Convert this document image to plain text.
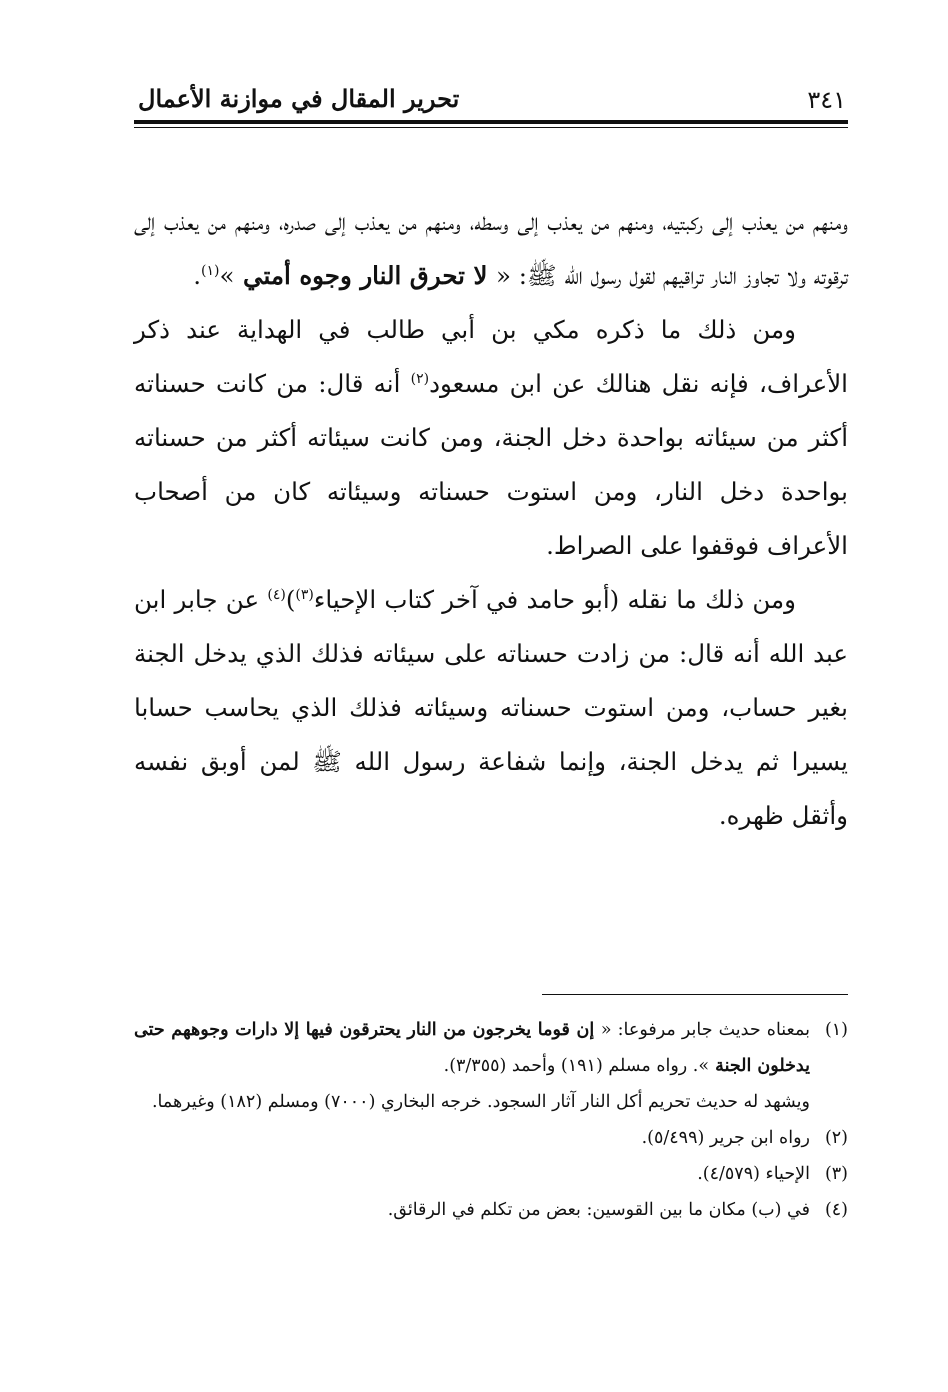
٣٤١
تحرير المقال في موازنة الأعمال

ومنهم من يعذب إلى ركبتيه، ومنهم من يعذب إلى وسطه، ومنهم من يعذب إلى صدره، ومنهم من يعذب إلى ترقوته ولا تجاوز النار تراقيهم لقول رسول الله ﷺ: « لا تحرق النار وجوه أمتي »$^{(١)}$.

ومن ذلك ما ذكره مكي بن أبي طالب في الهداية عند ذكر الأعراف، فإنه نقل هنالك عن ابن مسعود$^{(٢)}$ أنه قال: من كانت حسناته أكثر من سيئاته بواحدة دخل الجنة، ومن كانت سيئاته أكثر من حسناته بواحدة دخل النار، ومن استوت حسناته وسيئاته كان من أصحاب الأعراف فوقفوا على الصراط.

ومن ذلك ما نقله (أبو حامد في آخر كتاب الإحياء$^{(٣)}$)$^{(٤)}$ عن جابر ابن عبد الله أنه قال: من زادت حسناته على سيئاته فذلك الذي يدخل الجنة بغير حساب، ومن استوت حسناته وسيئاته فذلك الذي يحاسب حسابا يسيرا ثم يدخل الجنة، وإنما شفاعة رسول الله ﷺ لمن أوبق نفسه وأثقل ظهره.

(١)
بمعناه حديث جابر مرفوعا: « إن قوما يخرجون من النار يحترقون فيها إلا دارات وجوههم حتى يدخلون الجنة ». رواه مسلم (١٩١) وأحمد (٣/٣٥٥).
ويشهد له حديث تحريم أكل النار آثار السجود. خرجه البخاري (٧٠٠٠) ومسلم (١٨٢) وغيرهما.
(٢)
رواه ابن جرير (٥/٤٩٩).
(٣)
الإحياء (٤/٥٧٩).
(٤)
في (ب) مكان ما بين القوسين: بعض من تكلم في الرقائق.
